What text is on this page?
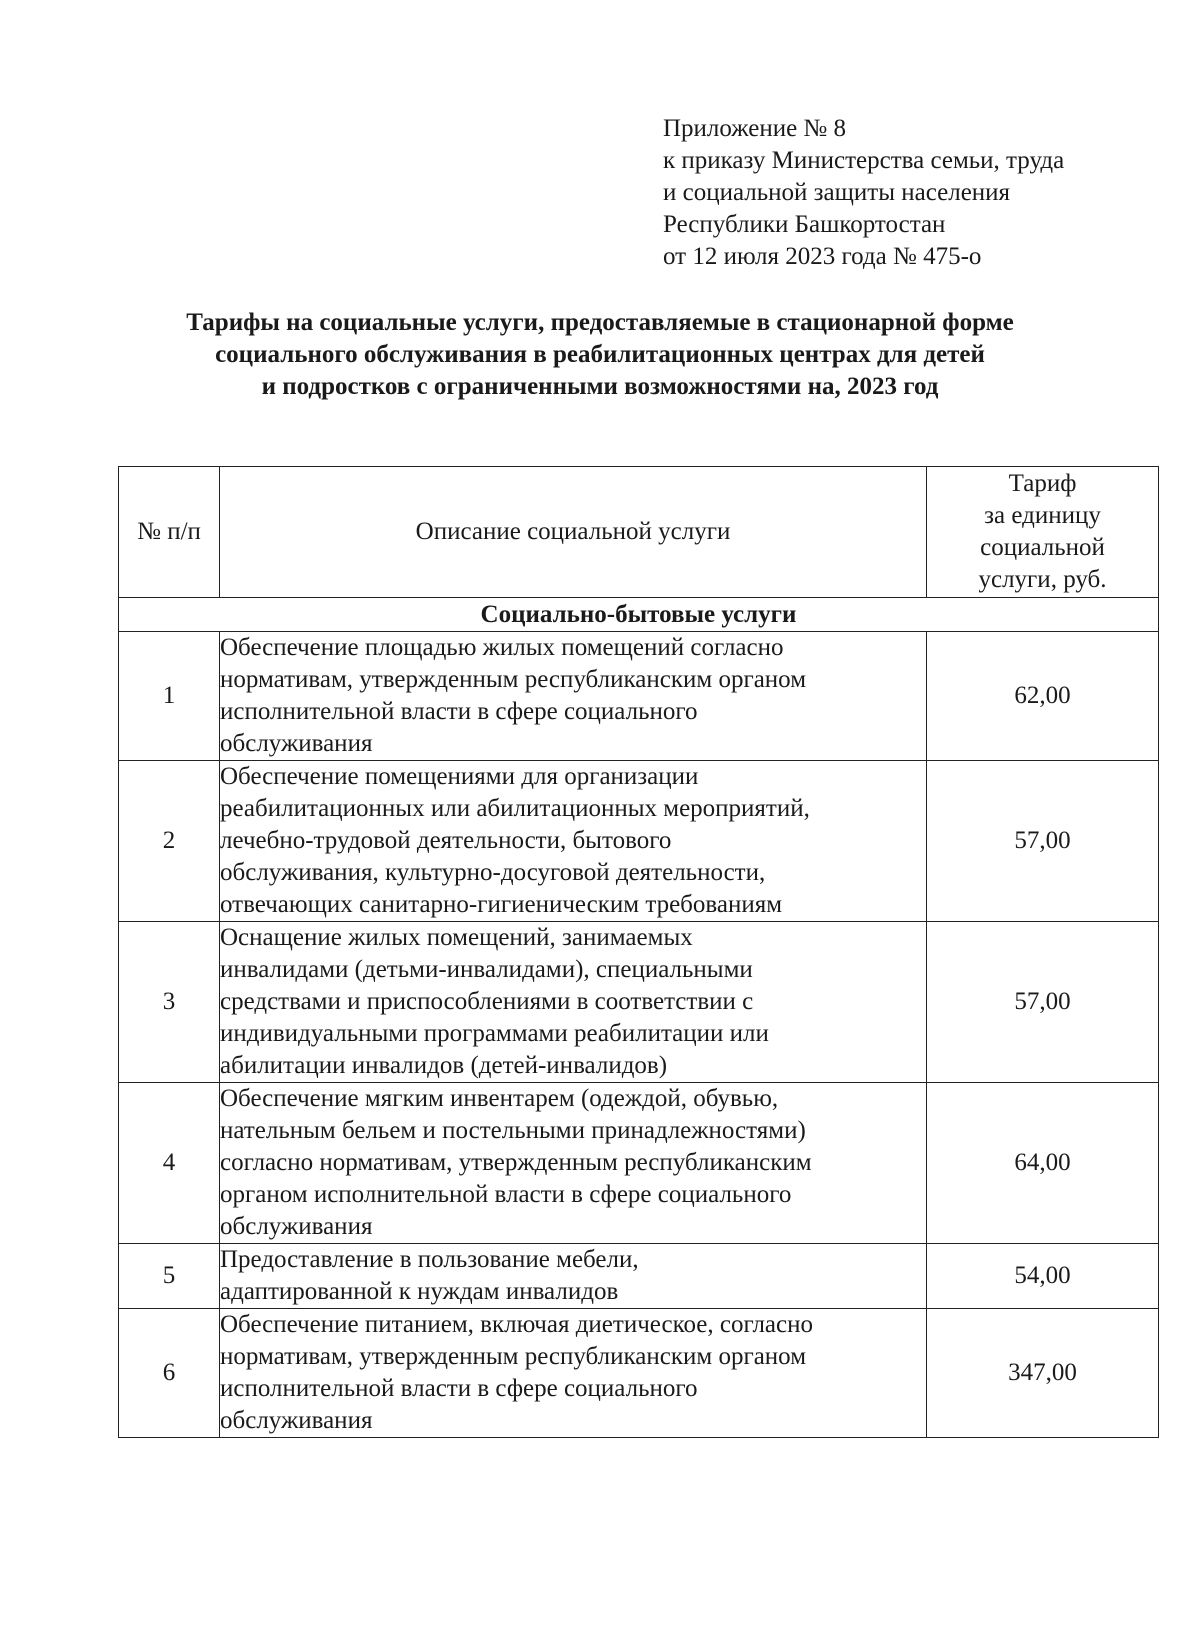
Приложение № 8
к приказу Министерства семьи, труда
и социальной защиты населения
Республики Башкортостан
от 12 июля 2023 года № 475-о
Тарифы на социальные услуги, предоставляемые в стационарной форме
социального обслуживания в реабилитационных центрах для детей
и подростков с ограниченными возможностями на, 2023 год
№ п/п	Описание социальной услуги	Тариф
за единицу
социальной
услуги, руб.

Социально-бытовые услуги		
1	Обеспечение площадью жилых помещений согласно
нормативам, утвержденным республиканским органом
исполнительной власти в сфере социального
обслуживания	62,00
2	Обеспечение помещениями для организации
реабилитационных или абилитационных мероприятий,
лечебно-трудовой деятельности, бытового
обслуживания, культурно-досуговой деятельности,
отвечающих санитарно-гигиеническим требованиям	57,00
3	Оснащение жилых помещений, занимаемых
инвалидами (детьми-инвалидами), специальными
средствами и приспособлениями в соответствии с
индивидуальными программами реабилитации или
абилитации инвалидов (детей-инвалидов)	57,00
4	Обеспечение мягким инвентарем (одеждой, обувью,
нательным бельем и постельными принадлежностями)
согласно нормативам, утвержденным республиканским
органом исполнительной власти в сфере социального
обслуживания	64,00
5	Предоставление в пользование мебели,
адаптированной к нуждам инвалидов	54,00
6	Обеспечение питанием, включая диетическое, согласно
нормативам, утвержденным республиканским органом
исполнительной власти в сфере социального
обслуживания	347,00
